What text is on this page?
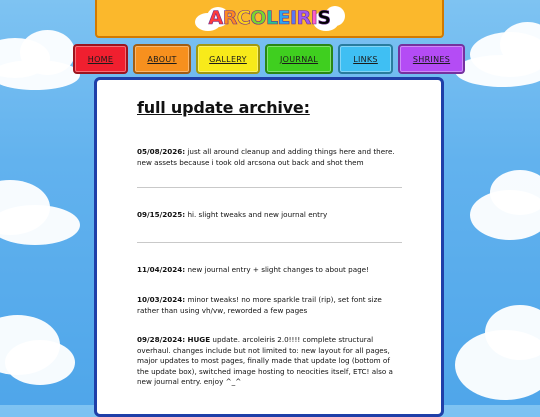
ARCOLEIRIS
HOME	ABOUT	GALLERY	JOURNAL	LINKS	SHRINES
full update archive:
05/08/2026: just all around cleanup and adding things here and there. new assets because i took old arcsona out back and shot them
09/15/2025: hi. slight tweaks and new journal entry
11/04/2024: new journal entry + slight changes to about page!
10/03/2024: minor tweaks! no more sparkle trail (rip), set font size rather than using vh/vw, reworded a few pages
09/28/2024: HUGE update. arcoleiris 2.0!!!! complete structural overhaul. changes include but not limited to: new layout for all pages, major updates to most pages, finally made that update log (bottom of the update box), switched image hosting to neocities itself, ETC! also a new journal entry. enjoy ^_^
